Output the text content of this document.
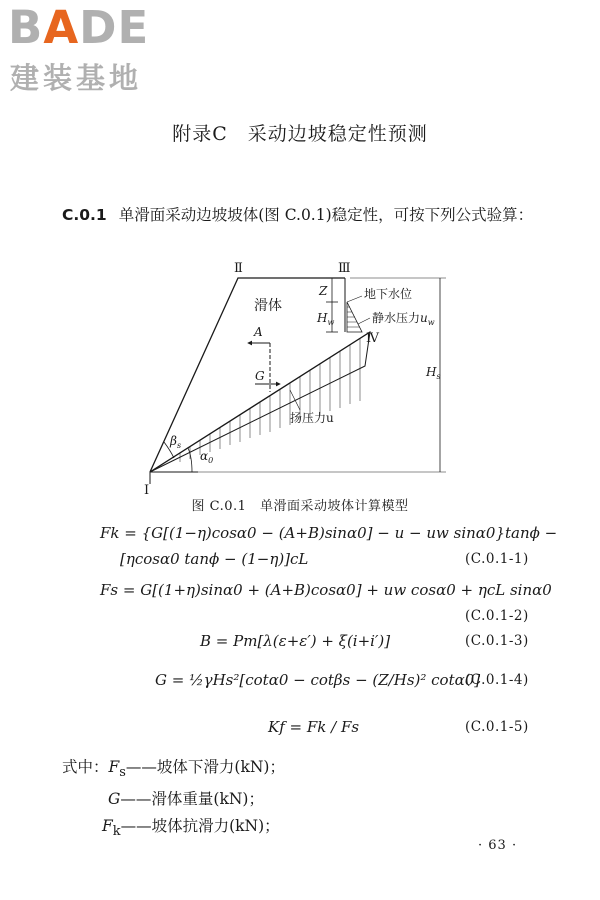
BADE
建装基地
附录C　采动边坡稳定性预测
C.0.1 单滑面采动边坡坡体(图 C.0.1)稳定性，可按下列公式验算：
Ⅰ
Ⅱ	Ⅲ
Ⅳ
滑体
地下水位
静水压力$u_w$
扬压力u
Z
$H_w$
$H_s$
A
G
$\beta_s$
$\alpha_0$
图 C.0.1　单滑面采动坡体计算模型
Fk = {G[(1−η)cosα0 − (A+B)sinα0] − u − uw sinα0}tanϕ −
[ηcosα0 tanϕ − (1−η)]cL	(C.0.1-1)
Fs = G[(1+η)sinα0 + (A+B)cosα0] + uw cosα0 + ηcL sinα0
(C.0.1-2)
B = Pm[λ(ε+ε′) + ξ(i+i′)]	(C.0.1-3)
G = ½γHs²[cotα0 − cotβs − (Z/Hs)² cotα0]
(C.0.1-4)
Kf = Fk / Fs	(C.0.1-5)
式中：$F_s——$坡体下滑力(kN)；
G——滑体重量(kN)；
$F_k——$坡体抗滑力(kN)；
· 63 ·
